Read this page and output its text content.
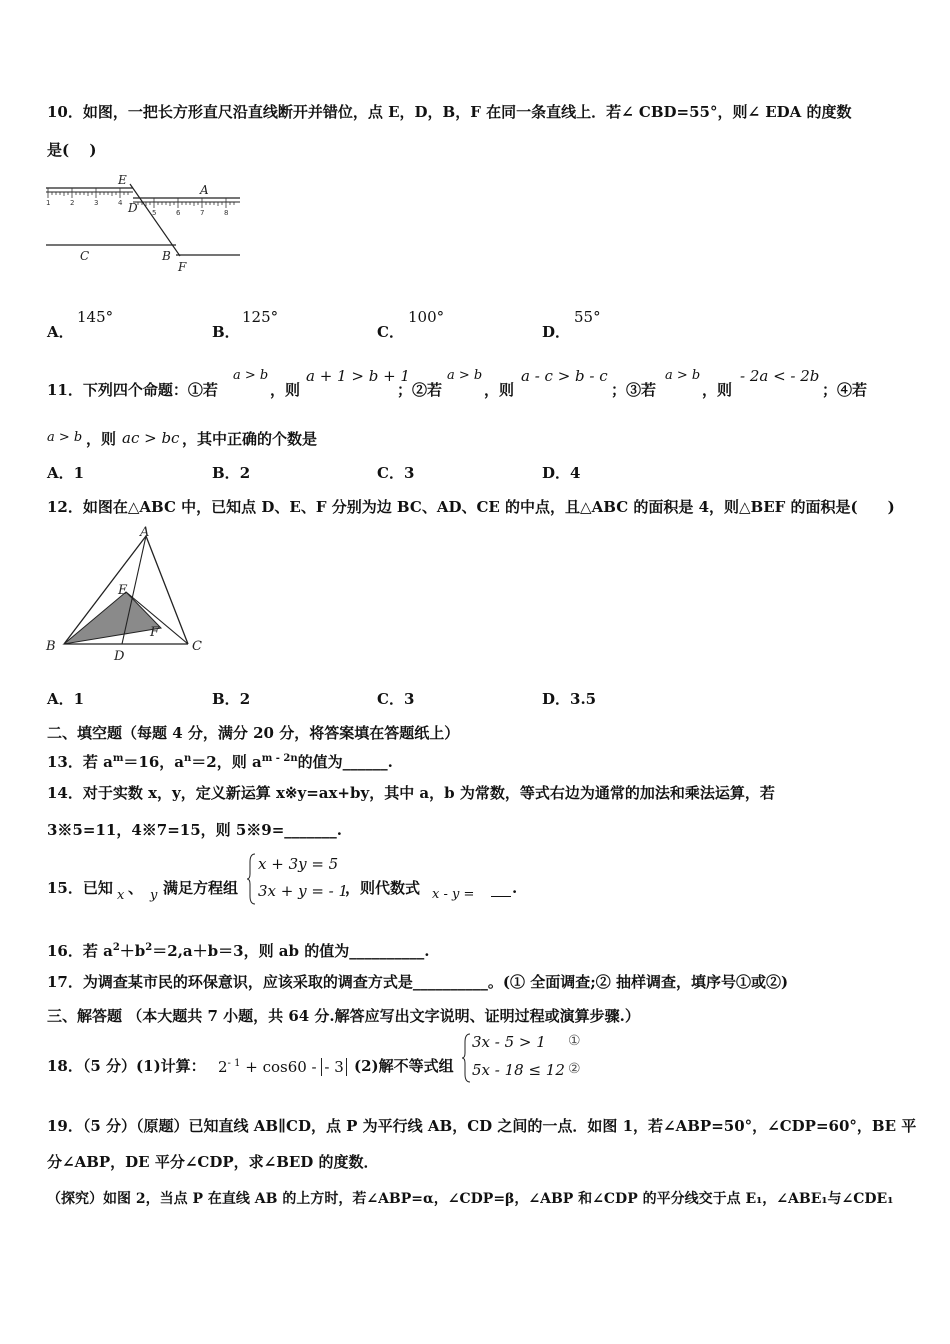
10．如图，一把长方形直尺沿直线断开并错位，点 E，D，B，F 在同一条直线上．若∠ CBD=55°，则∠ EDA 的度数
是(　 )
1	2	3	4
5	6	7	8
E
A
D
C	B
F
A．
145°
B．
125°
C．
100°
D．
55°
11．下列四个命题：①若
a > b
，则
a + 1 > b + 1
；②若
a > b
，则
a - c > b - c
；③若
a > b
，则
- 2a < - 2b
；④若
a > b ，则 ac > bc ，其中正确的个数是
A．1	B．2	C．3	D．4
12．如图在△ABC 中，已知点 D、E、F 分别为边 BC、AD、CE 的中点，且△ABC 的面积是 4，则△BEF 的面积是(　　)
A
E
F
B
D
C
A．1	B．2	C．3	D．3.5
二、填空题（每题 4 分，满分 20 分，将答案填在答题纸上）
13．若 $a^m=16$，$a^n=2$，则 $a^{m - 2n}$的值为______.
14．对于实数 x，y，定义新运算 x※y=ax+by，其中 a，b 为常数，等式右边为通常的加法和乘法运算，若
3※5=11，4※7=15，则 5※9=_______.
15．已知 x 、 y 满足方程组
x + 3y = 5
3x + y = - 1
，则代数式 x - y =	.
16．若 $a^2+b^2=2,a+b=3$，则 ab 的值为__________.
17．为调查某市民的环保意识，应该采取的调查方式是__________。(① 全面调查;② 抽样调查，填序号①或②)
三、解答题 （本大题共 7 小题，共 64 分.解答应写出文字说明、证明过程或演算步骤.）
18．（5 分）(1)计算： $2^{- 1} + \cos 60$ - - 3 (2)解不等式组
3x - 5 > 1
5x - 18 ≤ 12
①
②
19．（5 分）（原题）已知直线 AB∥CD，点 P 为平行线 AB，CD 之间的一点．如图 1，若∠ABP=50°，∠CDP=60°，BE 平
分∠ABP，DE 平分∠CDP，求∠BED 的度数．
（探究）如图 2，当点 P 在直线 AB 的上方时，若∠ABP=α，∠CDP=β，∠ABP 和∠CDP 的平分线交于点 E₁，∠ABE₁与∠CDE₁
